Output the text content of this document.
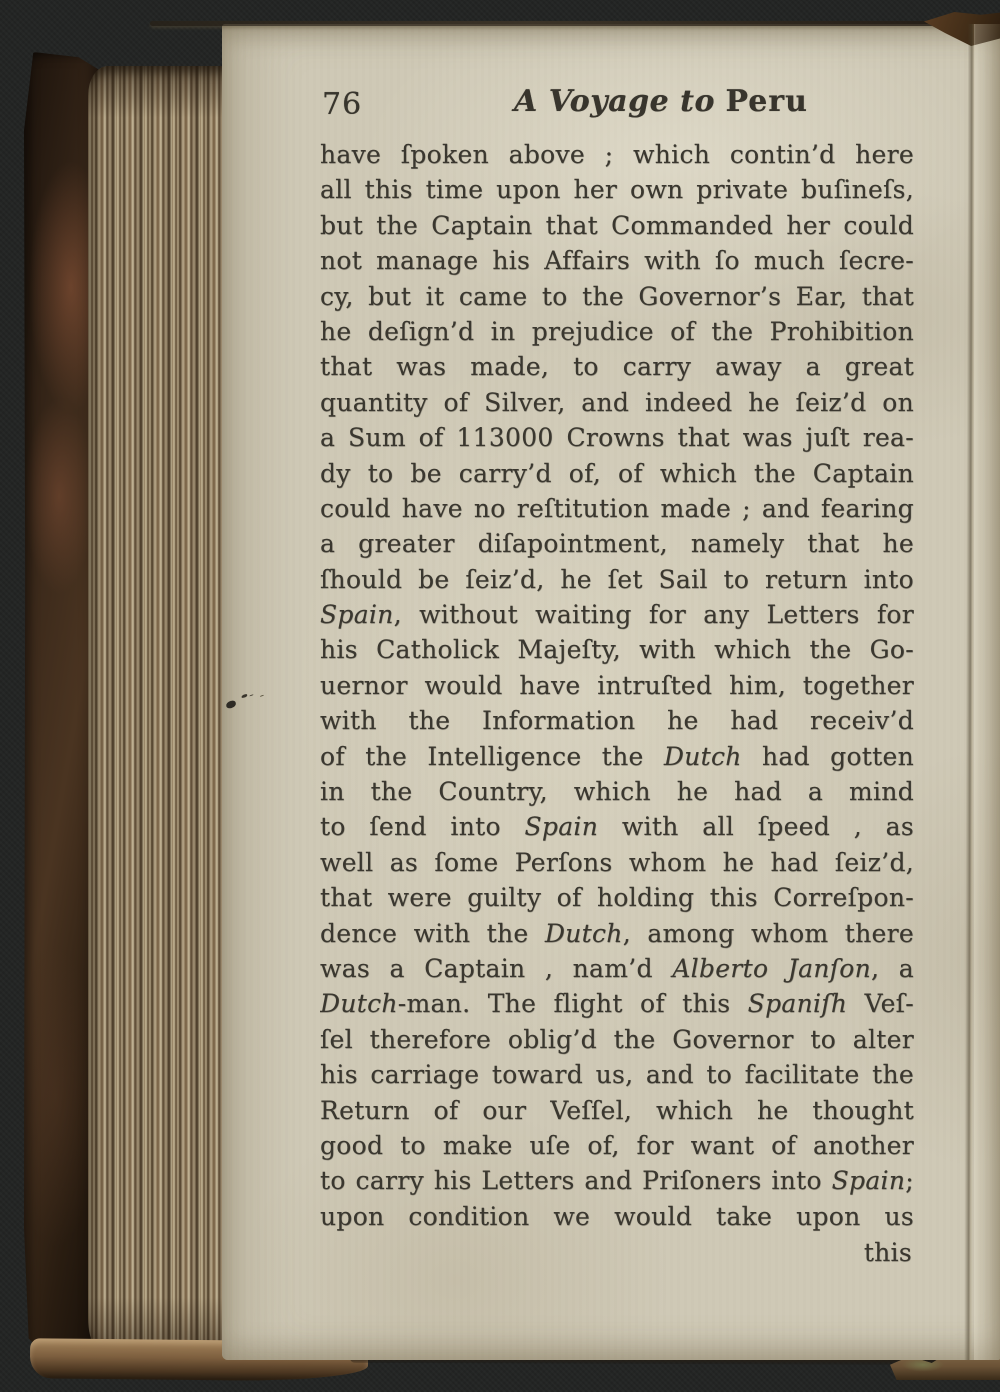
76	A Voyage to Peru
have ſpoken above ; which contin’d here
all this time upon her own private buſineſs,
but the Captain that Commanded her could
not manage his Affairs with ſo much ſecre-
cy, but it came to the Governor’s Ear, that
he deſign’d in prejudice of the Prohibition
that was made, to carry away a great
quantity of Silver, and indeed he ſeiz’d on
a Sum of 113000 Crowns that was juſt rea-
dy to be carry’d of, of which the Captain
could have no reſtitution made ; and fearing
a greater diſapointment, namely that he
ſhould be ſeiz’d, he ſet Sail to return into
Spain, without waiting for any Letters for
his Catholick Majeſty, with which the Go-
uernor would have intruſted him, together
with the Information he had receiv’d
of the Intelligence the Dutch had gotten
in the Country, which he had a mind
to ſend into Spain with all ſpeed , as
well as ſome Perſons whom he had ſeiz’d,
that were guilty of holding this Correſpon-
dence with the Dutch, among whom there
was a Captain , nam’d Alberto Janſon, a
Dutch-man. The flight of this Spaniſh Veſ-
ſel therefore oblig’d the Governor to alter
his carriage toward us, and to facilitate the
Return of our Veſſel, which he thought
good to make uſe of, for want of another
to carry his Letters and Priſoners into Spain;
upon condition we would take upon us
this
